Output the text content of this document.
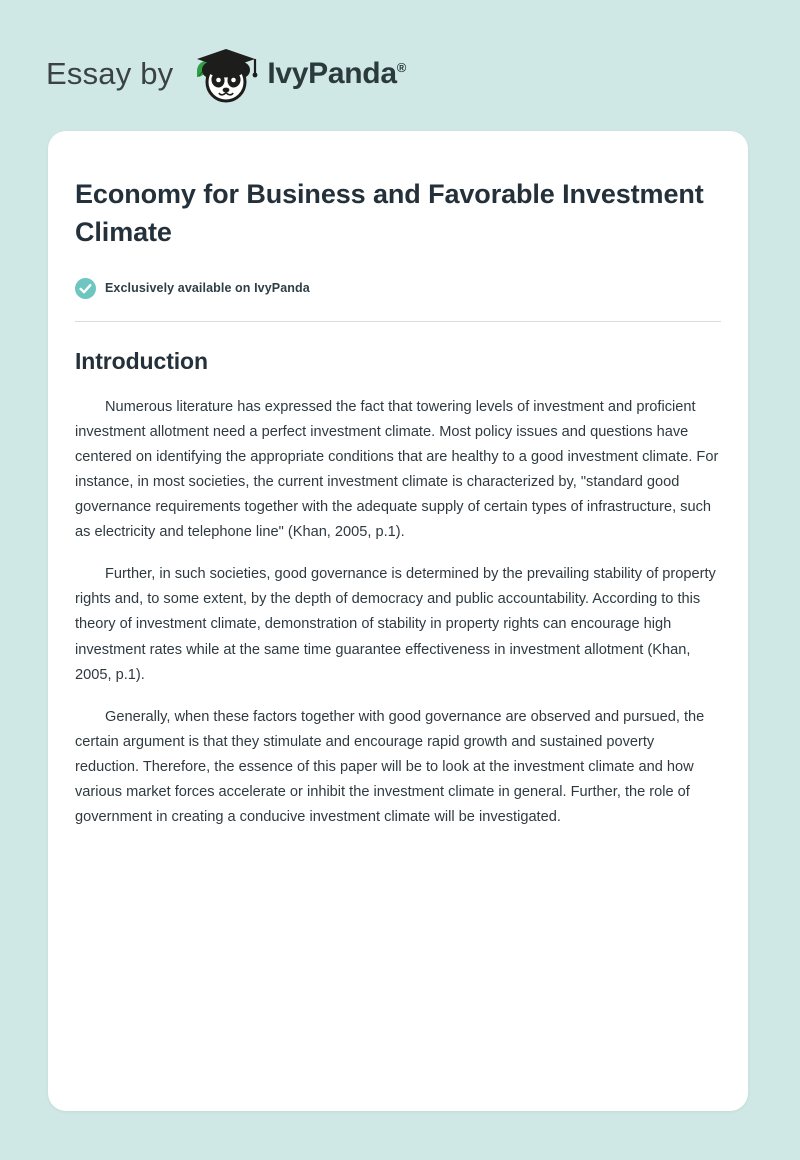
Essay by	IvyPanda®
Economy for Business and Favorable Investment Climate
Exclusively available on IvyPanda
Introduction

Numerous literature has expressed the fact that towering levels of investment and proficient investment allotment need a perfect investment climate. Most policy issues and questions have centered on identifying the appropriate conditions that are healthy to a good investment climate. For instance, in most societies, the current investment climate is characterized by, "standard good governance requirements together with the adequate supply of certain types of infrastructure, such as electricity and telephone line" (Khan, 2005, p.1).

Further, in such societies, good governance is determined by the prevailing stability of property rights and, to some extent, by the depth of democracy and public accountability. According to this theory of investment climate, demonstration of stability in property rights can encourage high investment rates while at the same time guarantee effectiveness in investment allotment (Khan, 2005, p.1).

Generally, when these factors together with good governance are observed and pursued, the certain argument is that they stimulate and encourage rapid growth and sustained poverty reduction. Therefore, the essence of this paper will be to look at the investment climate and how various market forces accelerate or inhibit the investment climate in general. Further, the role of government in creating a conducive investment climate will be investigated.
